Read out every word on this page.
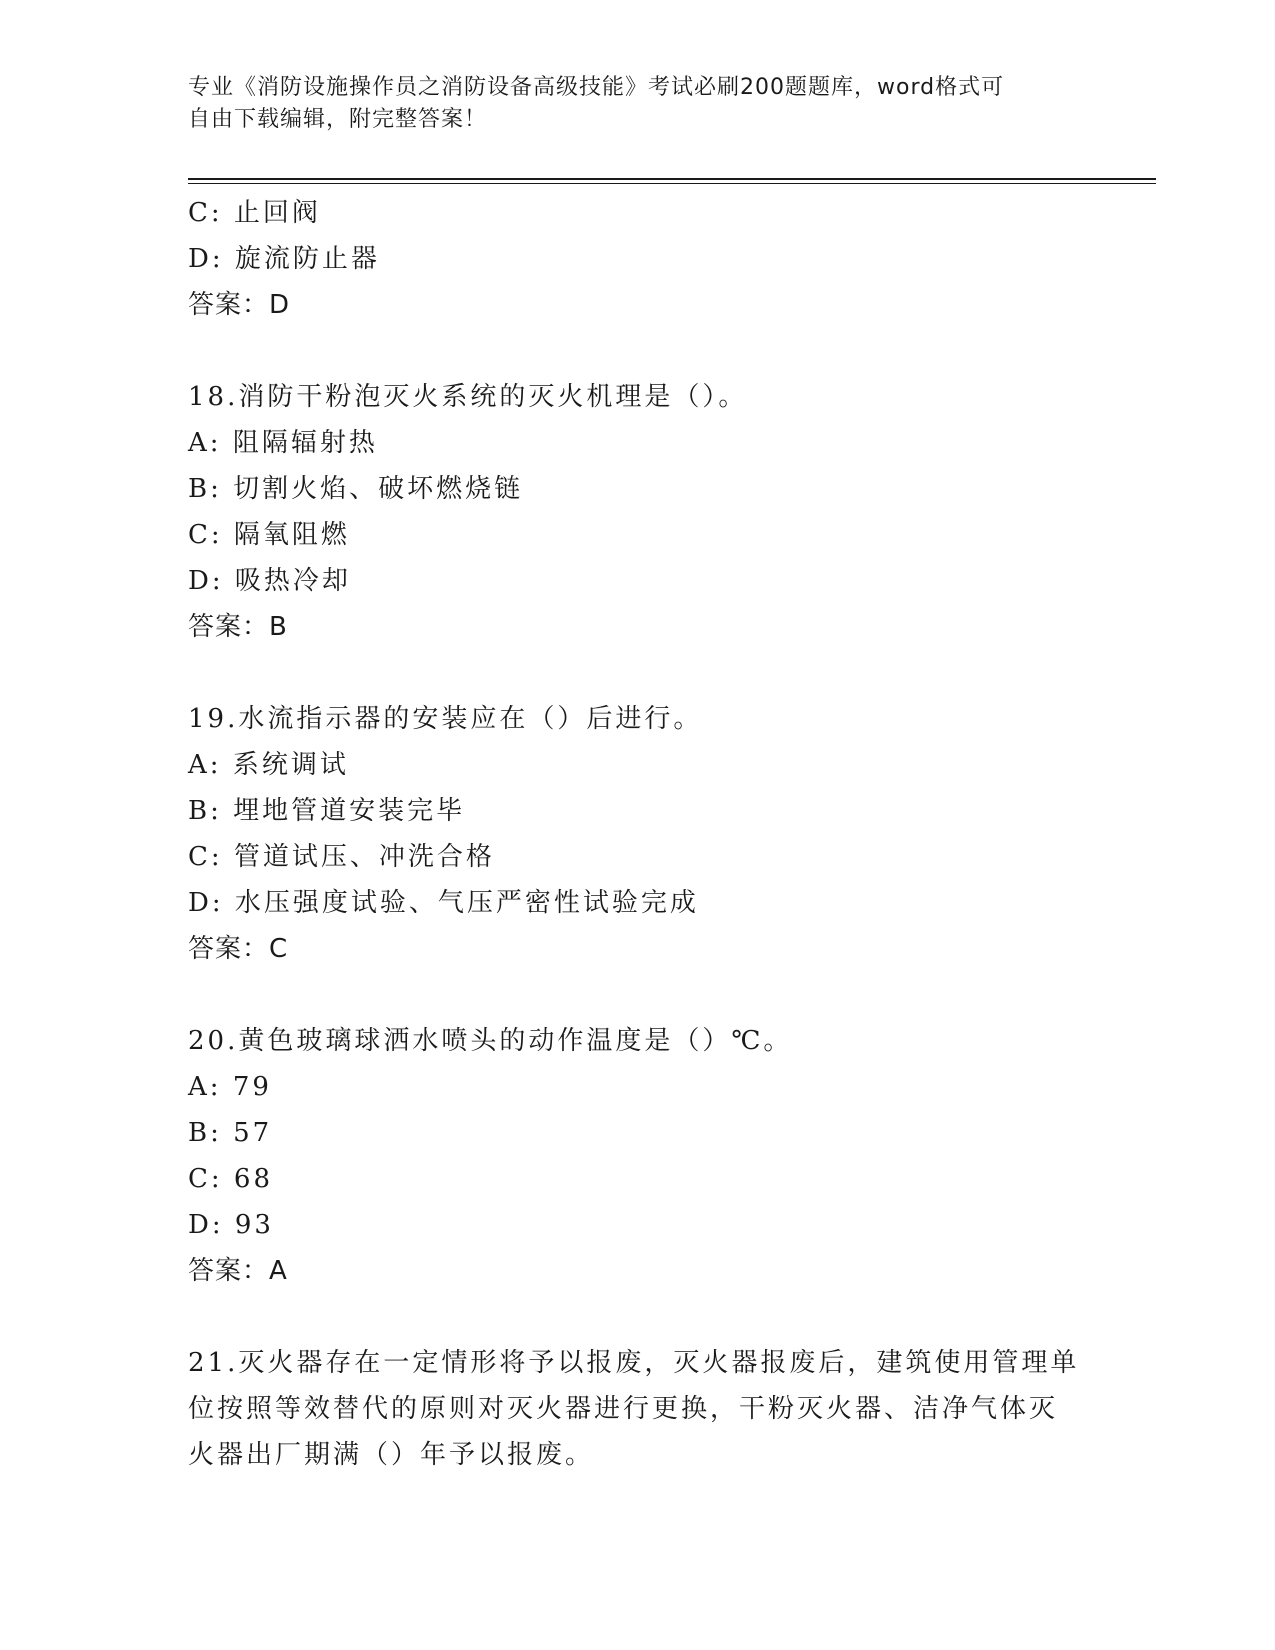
专业《消防设施操作员之消防设备高级技能》考试必刷200题题库，word格式可
自由下载编辑，附完整答案！
C: 止回阀
D: 旋流防止器
答案：D
18.消防干粉泡灭火系统的灭火机理是（）。
A: 阻隔辐射热
B: 切割火焰、破坏燃烧链
C: 隔氧阻燃
D: 吸热冷却
答案：B
19.水流指示器的安装应在（）后进行。
A: 系统调试
B: 埋地管道安装完毕
C: 管道试压、冲洗合格
D: 水压强度试验、气压严密性试验完成
答案：C
20.黄色玻璃球洒水喷头的动作温度是（）℃。
A: 79
B: 57
C: 68
D: 93
答案：A
21.灭火器存在一定情形将予以报废，灭火器报废后，建筑使用管理单
位按照等效替代的原则对灭火器进行更换，干粉灭火器、洁净气体灭
火器出厂期满（）年予以报废。
